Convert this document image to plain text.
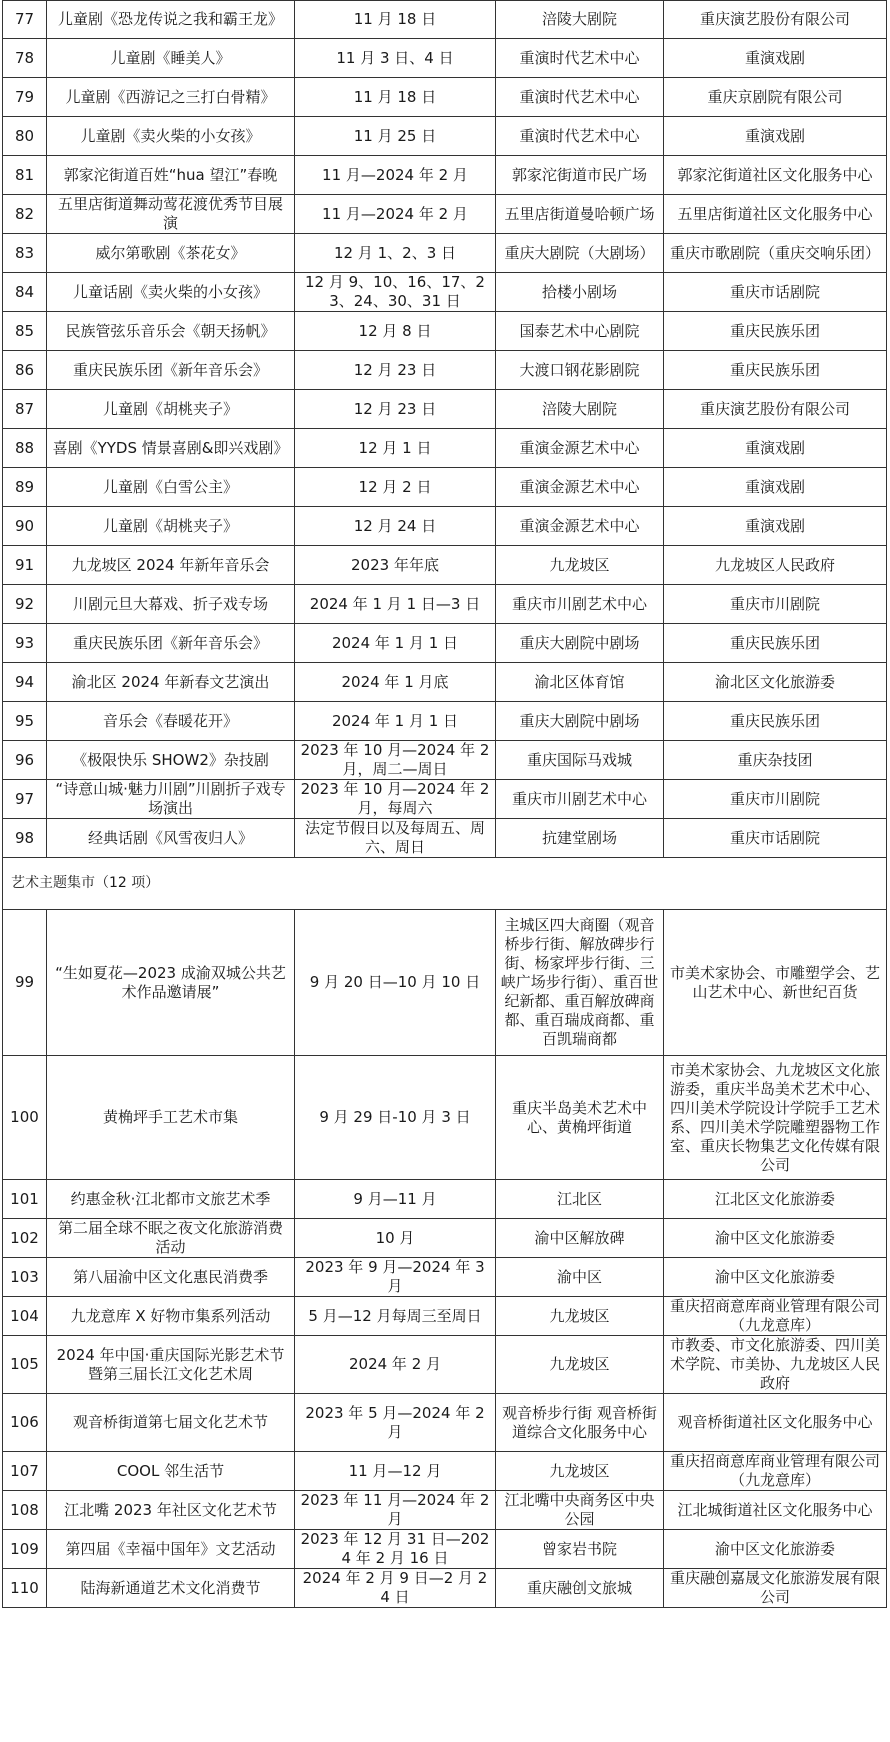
77	儿童剧《恐龙传说之我和霸王龙》	11 月 18 日	涪陵大剧院	重庆演艺股份有限公司
78	儿童剧《睡美人》	11 月 3 日、4 日	重演时代艺术中心	重演戏剧
79	儿童剧《西游记之三打白骨精》	11 月 18 日	重演时代艺术中心	重庆京剧院有限公司
80	儿童剧《卖火柴的小女孩》	11 月 25 日	重演时代艺术中心	重演戏剧
81	郭家沱街道百姓“hua 望江”春晚	11 月—2024 年 2 月	郭家沱街道市民广场	郭家沱街道社区文化服务中心
82	五里店街道舞动莺花渡优秀节目展演	11 月—2024 年 2 月	五里店街道曼哈顿广场	五里店街道社区文化服务中心
83	威尔第歌剧《茶花女》	12 月 1、2、3 日	重庆大剧院（大剧场）	重庆市歌剧院（重庆交响乐团）
84	儿童话剧《卖火柴的小女孩》	12 月 9、10、16、17、23、24、30、31 日	拾楼小剧场	重庆市话剧院
85	民族管弦乐音乐会《朝天扬帆》	12 月 8 日	国泰艺术中心剧院	重庆民族乐团
86	重庆民族乐团《新年音乐会》	12 月 23 日	大渡口钢花影剧院	重庆民族乐团
87	儿童剧《胡桃夹子》	12 月 23 日	涪陵大剧院	重庆演艺股份有限公司
88	喜剧《YYDS 情景喜剧&即兴戏剧》	12 月 1 日	重演金源艺术中心	重演戏剧
89	儿童剧《白雪公主》	12 月 2 日	重演金源艺术中心	重演戏剧
90	儿童剧《胡桃夹子》	12 月 24 日	重演金源艺术中心	重演戏剧
91	九龙坡区 2024 年新年音乐会	2023 年年底	九龙坡区	九龙坡区人民政府
92	川剧元旦大幕戏、折子戏专场	2024 年 1 月 1 日—3 日	重庆市川剧艺术中心	重庆市川剧院
93	重庆民族乐团《新年音乐会》	2024 年 1 月 1 日	重庆大剧院中剧场	重庆民族乐团
94	渝北区 2024 年新春文艺演出	2024 年 1 月底	渝北区体育馆	渝北区文化旅游委
95	音乐会《春暖花开》	2024 年 1 月 1 日	重庆大剧院中剧场	重庆民族乐团
96	《极限快乐 SHOW2》杂技剧	2023 年 10 月—2024 年 2 月，周二—周日	重庆国际马戏城	重庆杂技团
97	“诗意山城·魅力川剧”川剧折子戏专场演出	2023 年 10 月—2024 年 2 月，每周六	重庆市川剧艺术中心	重庆市川剧院
98	经典话剧《风雪夜归人》	法定节假日以及每周五、周六、周日	抗建堂剧场	重庆市话剧院
艺术主题集市（12 项）				
99	“生如夏花—2023 成渝双城公共艺术作品邀请展”	9 月 20 日—10 月 10 日	主城区四大商圈（观音桥步行街、解放碑步行街、杨家坪步行街、三峡广场步行街）、重百世纪新都、重百解放碑商都、重百瑞成商都、重百凯瑞商都	市美术家协会、市雕塑学会、艺山艺术中心、新世纪百货
100	黄桷坪手工艺术市集	9 月 29 日-10 月 3 日	重庆半岛美术艺术中心、黄桷坪街道	市美术家协会、九龙坡区文化旅游委，重庆半岛美术艺术中心、四川美术学院设计学院手工艺术系、四川美术学院雕塑器物工作室、重庆长物集艺文化传媒有限公司
101	约惠金秋·江北都市文旅艺术季	9 月—11 月	江北区	江北区文化旅游委
102	第二届全球不眠之夜文化旅游消费活动	10 月	渝中区解放碑	渝中区文化旅游委
103	第八届渝中区文化惠民消费季	2023 年 9 月—2024 年 3 月	渝中区	渝中区文化旅游委
104	九龙意库 X 好物市集系列活动	5 月—12 月每周三至周日	九龙坡区	重庆招商意库商业管理有限公司（九龙意库）
105	2024 年中国·重庆国际光影艺术节暨第三届长江文化艺术周	2024 年 2 月	九龙坡区	市教委、市文化旅游委、四川美术学院、市美协、九龙坡区人民政府
106	观音桥街道第七届文化艺术节	2023 年 5 月—2024 年 2 月	观音桥步行街 观音桥街道综合文化服务中心	观音桥街道社区文化服务中心
107	COOL 邻生活节	11 月—12 月	九龙坡区	重庆招商意库商业管理有限公司（九龙意库）
108	江北嘴 2023 年社区文化艺术节	2023 年 11 月—2024 年 2 月	江北嘴中央商务区中央公园	江北城街道社区文化服务中心
109	第四届《幸福中国年》文艺活动	2023 年 12 月 31 日—2024 年 2 月 16 日	曾家岩书院	渝中区文化旅游委
110	陆海新通道艺术文化消费节	2024 年 2 月 9 日—2 月 24 日	重庆融创文旅城	重庆融创嘉晟文化旅游发展有限公司
